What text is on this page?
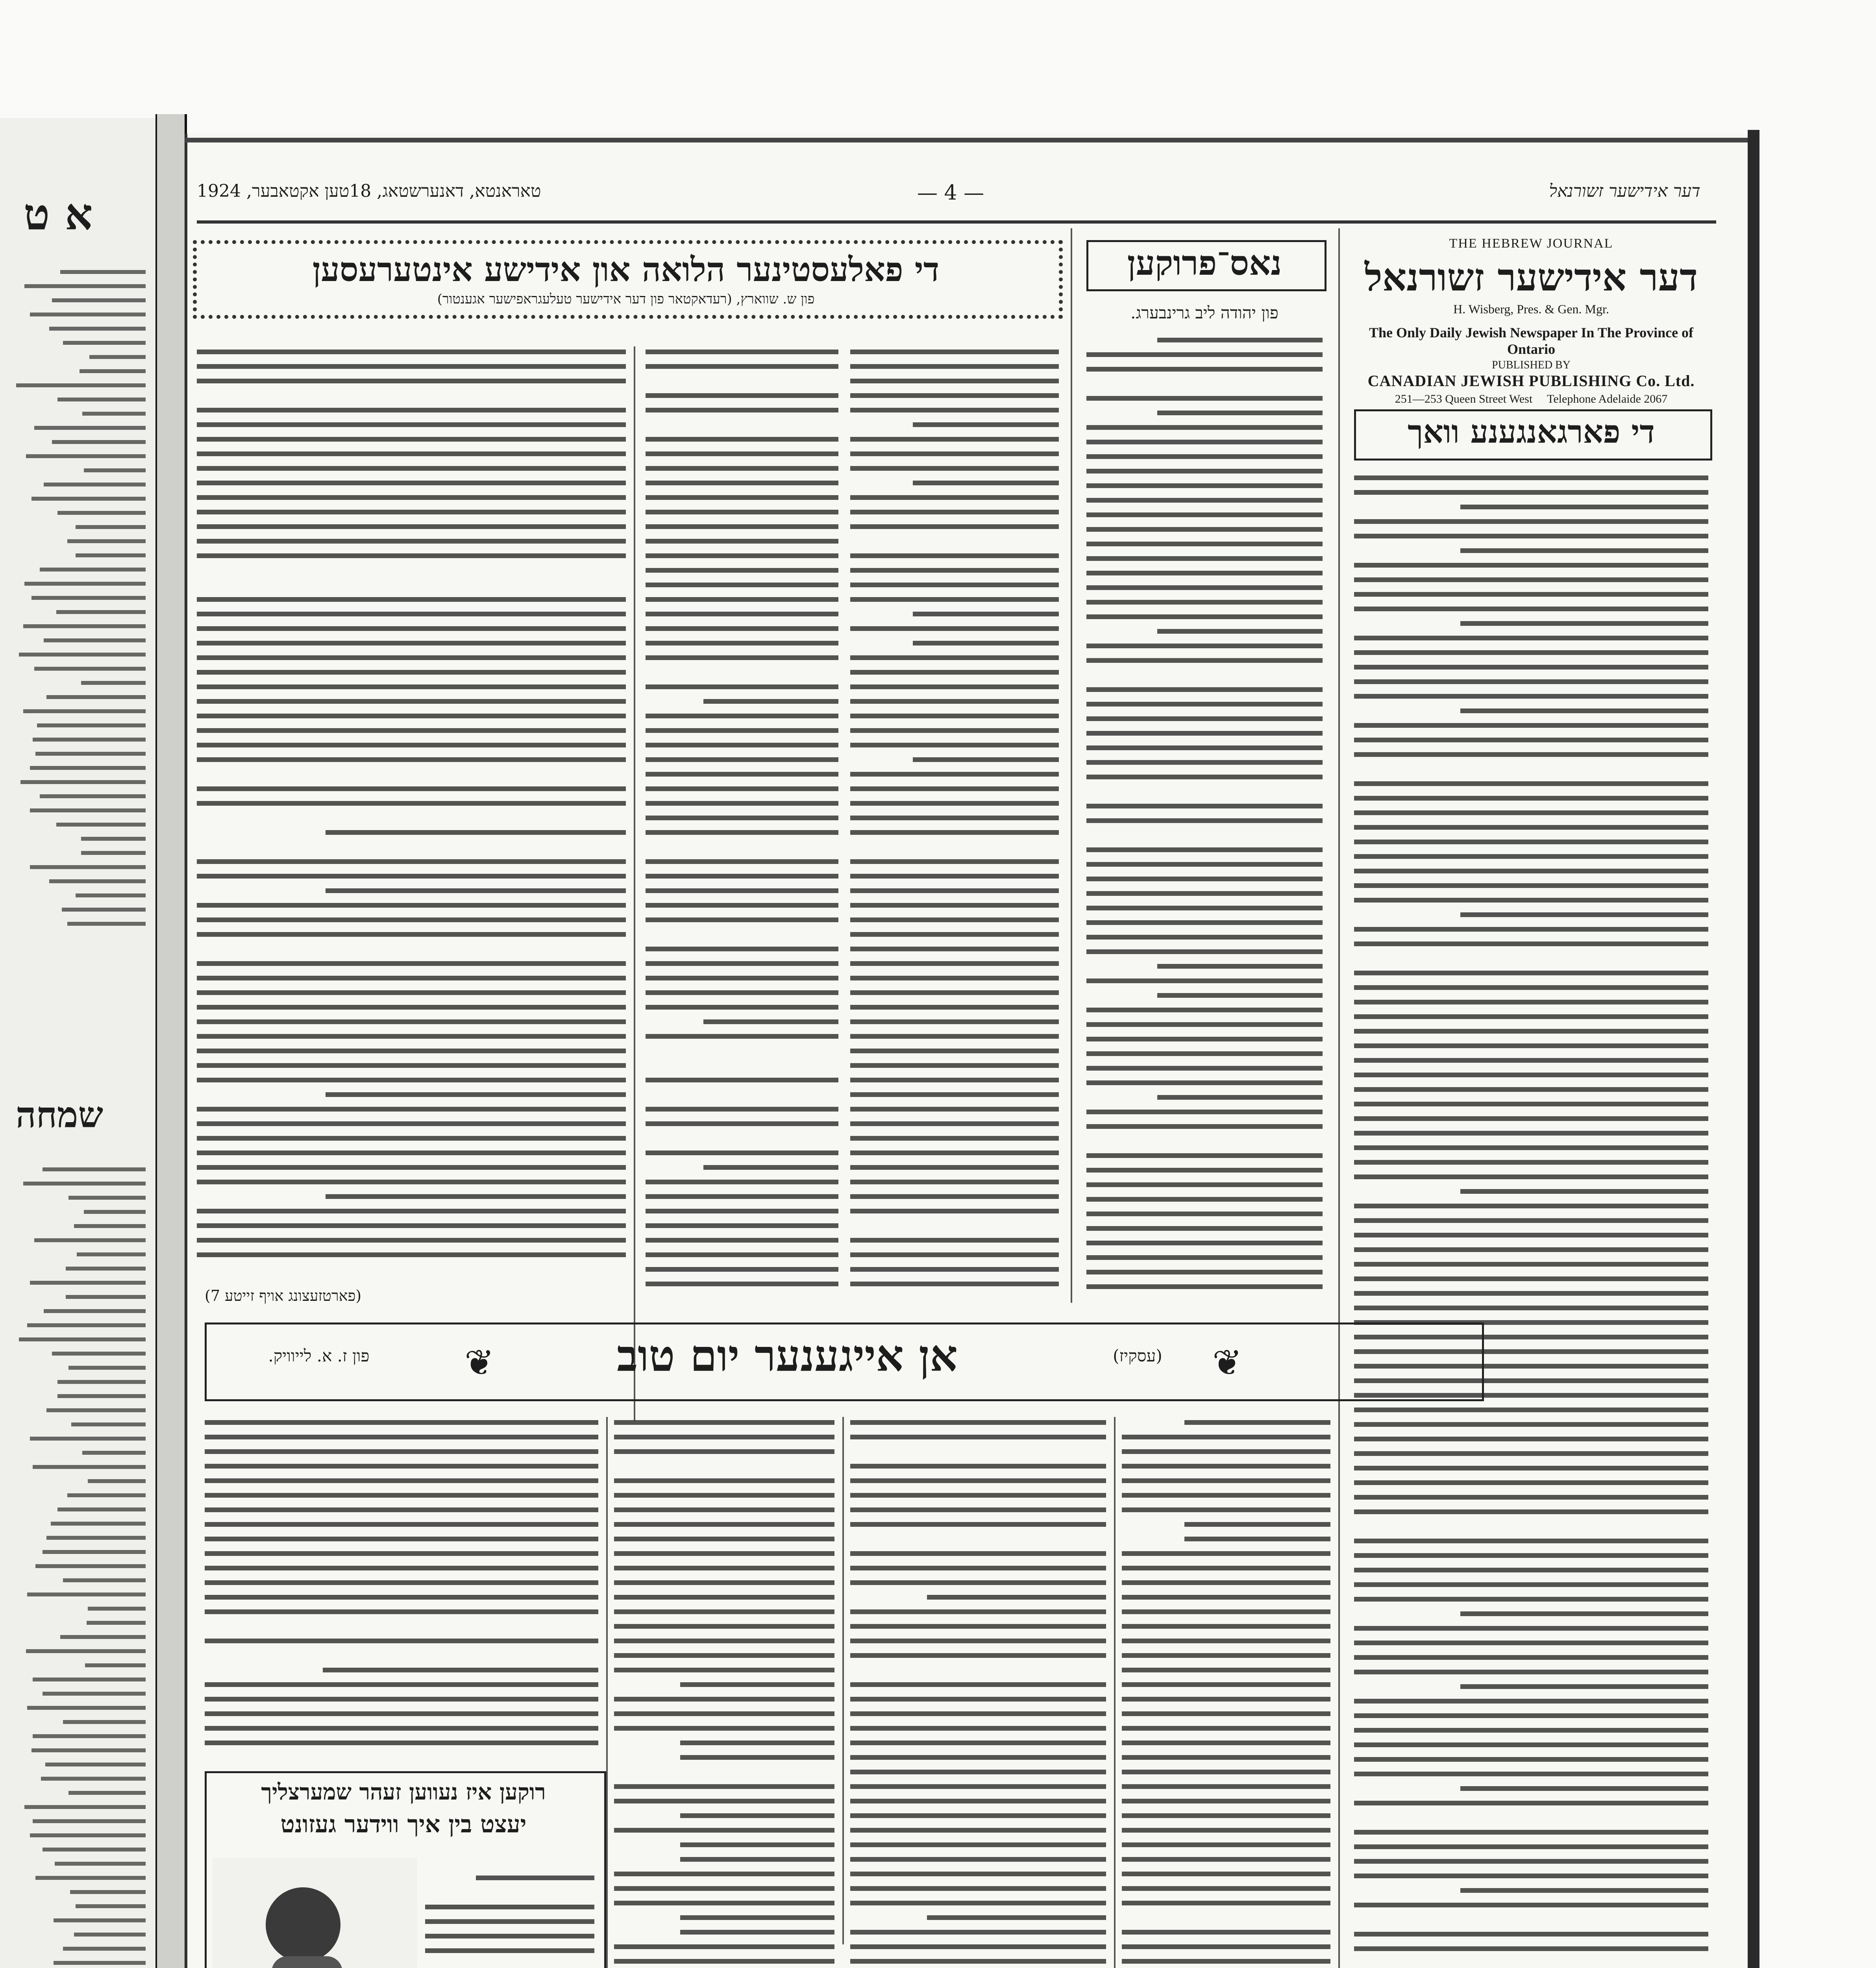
א ט
שמחה
טאראנטא, דאנערשטאג, 18טען אקטאבער, 1924	— 4 —	דער אידישער זשורנאל
THE HEBREW JOURNAL
דער אידישער זשורנאל
H. Wisberg, Pres. & Gen. Mgr.
The Only Daily Jewish Newspaper In The Province of Ontario
PUBLISHED BY
CANADIAN JEWISH PUBLISHING Co. Ltd.
251—253 Queen Street West Telephone Adelaide 2067
די פארגאנגענע וואך
נאס־פרוקען
פון יהודה ליב גרינבערג.
די פאלעסטינער הלואה און אידישע אינטערעסען
פון ש. שווארץ, (רעדאקטאר פון דער אידישער טעלעגראפישער אגענטור)
(פארטזעצונג אויף זייטע 7)
אן אייגענער יום טוב	(עסקיז)
פון ז. א. לייוויק.	❦	❦
רוקען איז נעווען זעהר שמערצליך
יעצט בין איך ווידער געזונט
